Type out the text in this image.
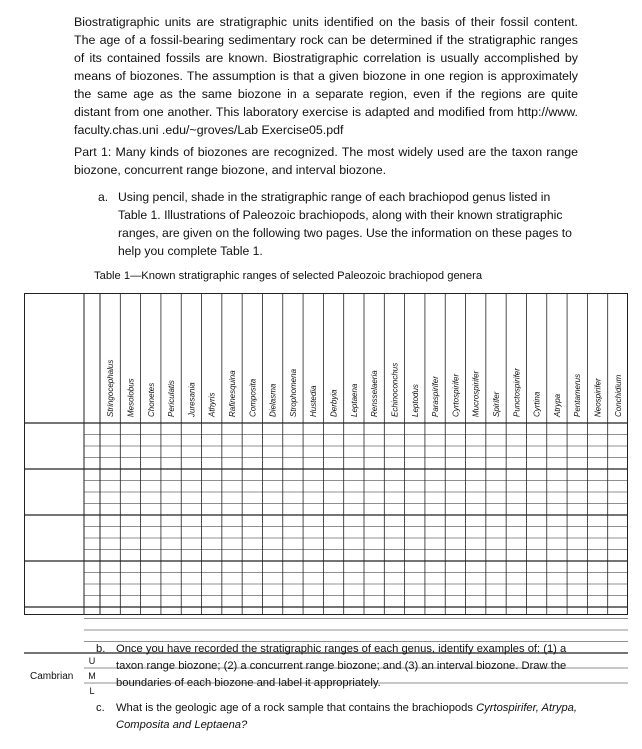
Biostratigraphic units are stratigraphic units identified on the basis of their fossil content. The age of a fossil-bearing sedimentary rock can be determined if the stratigraphic ranges of its contained fossils are known. Biostratigraphic correlation is usually accomplished by means of biozones. The assumption is that a given biozone in one region is approximately the same age as the same biozone in a separate region, even if the regions are quite distant from one another. This laboratory exercise is adapted and modified from http://www. faculty.chas.uni .edu/~groves/Lab Exercise05.pdf

Part 1: Many kinds of biozones are recognized. The most widely used are the taxon range biozone, concurrent range biozone, and interval biozone.

a. Using pencil, shade in the stratigraphic range of each brachiopod genus listed in Table 1. Illustrations of Paleozoic brachiopods, along with their known stratigraphic ranges, are given on the following two pages. Use the information on these pages to help you complete Table 1.
Table 1—Known stratigraphic ranges of selected Paleozoic brachiopod genera
Stringocephalus Mesolobus Chonetes Periculatis Juresania Athyris Rafinesquina Composita Dielasma Strophomena Hustedia Derbyia Leptaena Rensselaeria Echinoconchus Leptodus Paraspirifer Cyrtospirifer Mucrospirifer Spirifer Punctospirifer Cyrtina Atrypa Pentamerus Neospirifer Conchidium
Cambrian
U
M
L
b. Once you have recorded the stratigraphic ranges of each genus, identify examples of: (1) a taxon range biozone; (2) a concurrent range biozone; and (3) an interval biozone. Draw the boundaries of each biozone and label it appropriately.
c. What is the geologic age of a rock sample that contains the brachiopods Cyrtospirifer, Atrypa, Composita and Leptaena?
